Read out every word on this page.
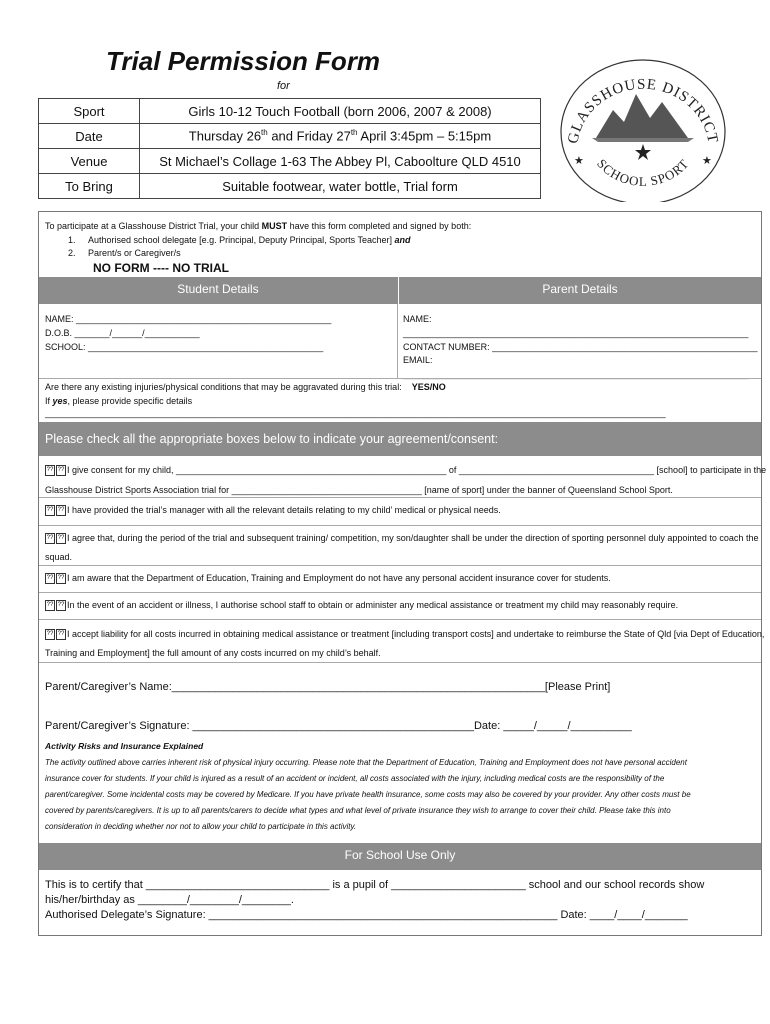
Trial Permission Form
for
Sport	Girls 10-12 Touch Football (born 2006, 2007 & 2008)
Date	Thursday 26th and Friday 27th April 3:45pm – 5:15pm
Venue	St Michael’s Collage 1-63 The Abbey Pl, Caboolture QLD 4510
To Bring	Suitable footwear, water bottle, Trial form
GLASSHOUSE DISTRICT
SCHOOL SPORT
★	★
To participate at a Glasshouse District Trial, your child MUST have this form completed and signed by both:
1. Authorised school delegate [e.g. Principal, Deputy Principal, Sports Teacher] and
2. Parent/s or Caregiver/s
NO FORM ---- NO TRIAL
Student Details	Parent Details
NAME: ___________________________________________________
D.O.B. _______/______/___________
SCHOOL: _______________________________________________
NAME:
_____________________________________________________________________
CONTACT NUMBER: _____________________________________________________
EMAIL:
_____________________________________________________________________
Are there any existing injuries/physical conditions that may be aggravated during this trial: YES/NO
If yes, please provide specific details
____________________________________________________________________________________________________________________________
Please check all the appropriate boxes below to indicate your agreement/consent:
?? ?? I give consent for my child, ______________________________________________________ of _______________________________________ [school] to participate in the
Glasshouse District Sports Association trial for ______________________________________ [name of sport] under the banner of Queensland School Sport.
?? ?? I have provided the trial’s manager with all the relevant details relating to my child’ medical or physical needs.
?? ?? I agree that, during the period of the trial and subsequent training/ competition, my son/daughter shall be under the direction of sporting personnel duly appointed to coach the
squad.
?? ?? I am aware that the Department of Education, Training and Employment do not have any personal accident insurance cover for students.
?? ?? In the event of an accident or illness, I authorise school staff to obtain or administer any medical assistance or treatment my child may reasonably require.
?? ?? I accept liability for all costs incurred in obtaining medical assistance or treatment [including transport costs] and undertake to reimburse the State of Qld [via Dept of Education,
Training and Employment] the full amount of any costs incurred on my child’s behalf.
Parent/Caregiver’s Name:_____________________________________________________________[Please Print]
Parent/Caregiver’s Signature: ______________________________________________Date: _____/_____/__________
Activity Risks and Insurance Explained
The activity outlined above carries inherent risk of physical injury occurring. Please note that the Department of Education, Training and Employment does not have personal accident
insurance cover for students. If your child is injured as a result of an accident or incident, all costs associated with the injury, including medical costs are the responsibility of the
parent/caregiver. Some incidental costs may be covered by Medicare. If you have private health insurance, some costs may also be covered by your provider. Any other costs must be
covered by parents/caregivers. It is up to all parents/carers to decide what types and what level of private insurance they wish to arrange to cover their child. Please take this into
consideration in deciding whether nor not to allow your child to participate in this activity.
For School Use Only
This is to certify that ______________________________ is a pupil of ______________________ school and our school records show
his/her/birthday as ________/________/________.
Authorised Delegate’s Signature: _________________________________________________________ Date: ____/____/_______
